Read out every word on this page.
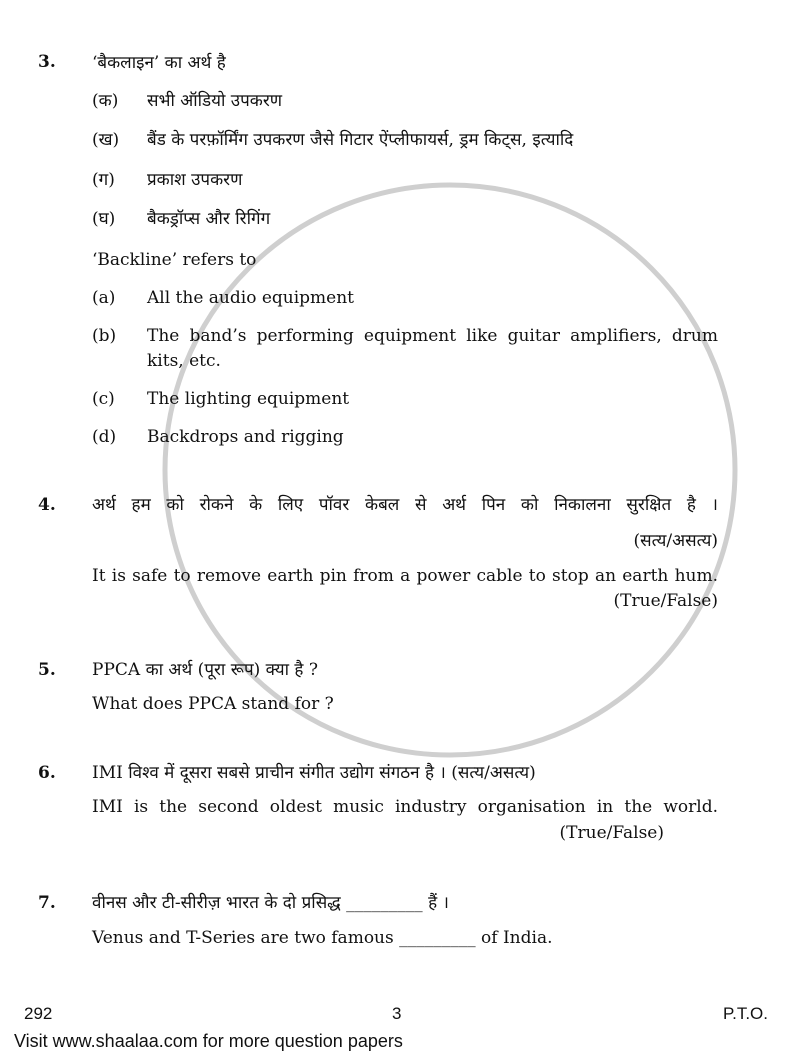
3. ‘बैकलाइन’ का अर्थ है
(क) सभी ऑडियो उपकरण
(ख) बैंड के परफ़ॉर्मिंग उपकरण जैसे गिटार ऐंप्लीफायर्स, ड्रम किट्स, इत्यादि
(ग) प्रकाश उपकरण
(घ) बैकड्रॉप्स और रिगिंग
‘Backline’ refers to
(a) All the audio equipment
(b) The band’s performing equipment like guitar amplifiers, drum
kits, etc.
(c) The lighting equipment
(d) Backdrops and rigging
4. अर्थ हम को रोकने के लिए पॉवर केबल से अर्थ पिन को निकालना सुरक्षित है ।
(सत्य/असत्य)
It is safe to remove earth pin from a power cable to stop an earth hum.
(True/False)
5. PPCA का अर्थ (पूरा रूप) क्या है ?
What does PPCA stand for ?
6. IMI विश्व में दूसरा सबसे प्राचीन संगीत उद्योग संगठन है । (सत्य/असत्य)
IMI is the second oldest music industry organisation in the world.
(True/False)
7. वीनस और टी-सीरीज़ भारत के दो प्रसिद्ध _________ हैं ।
Venus and T-Series are two famous _________ of India.
292	3	P.T.O.
Visit www.shaalaa.com for more question papers
